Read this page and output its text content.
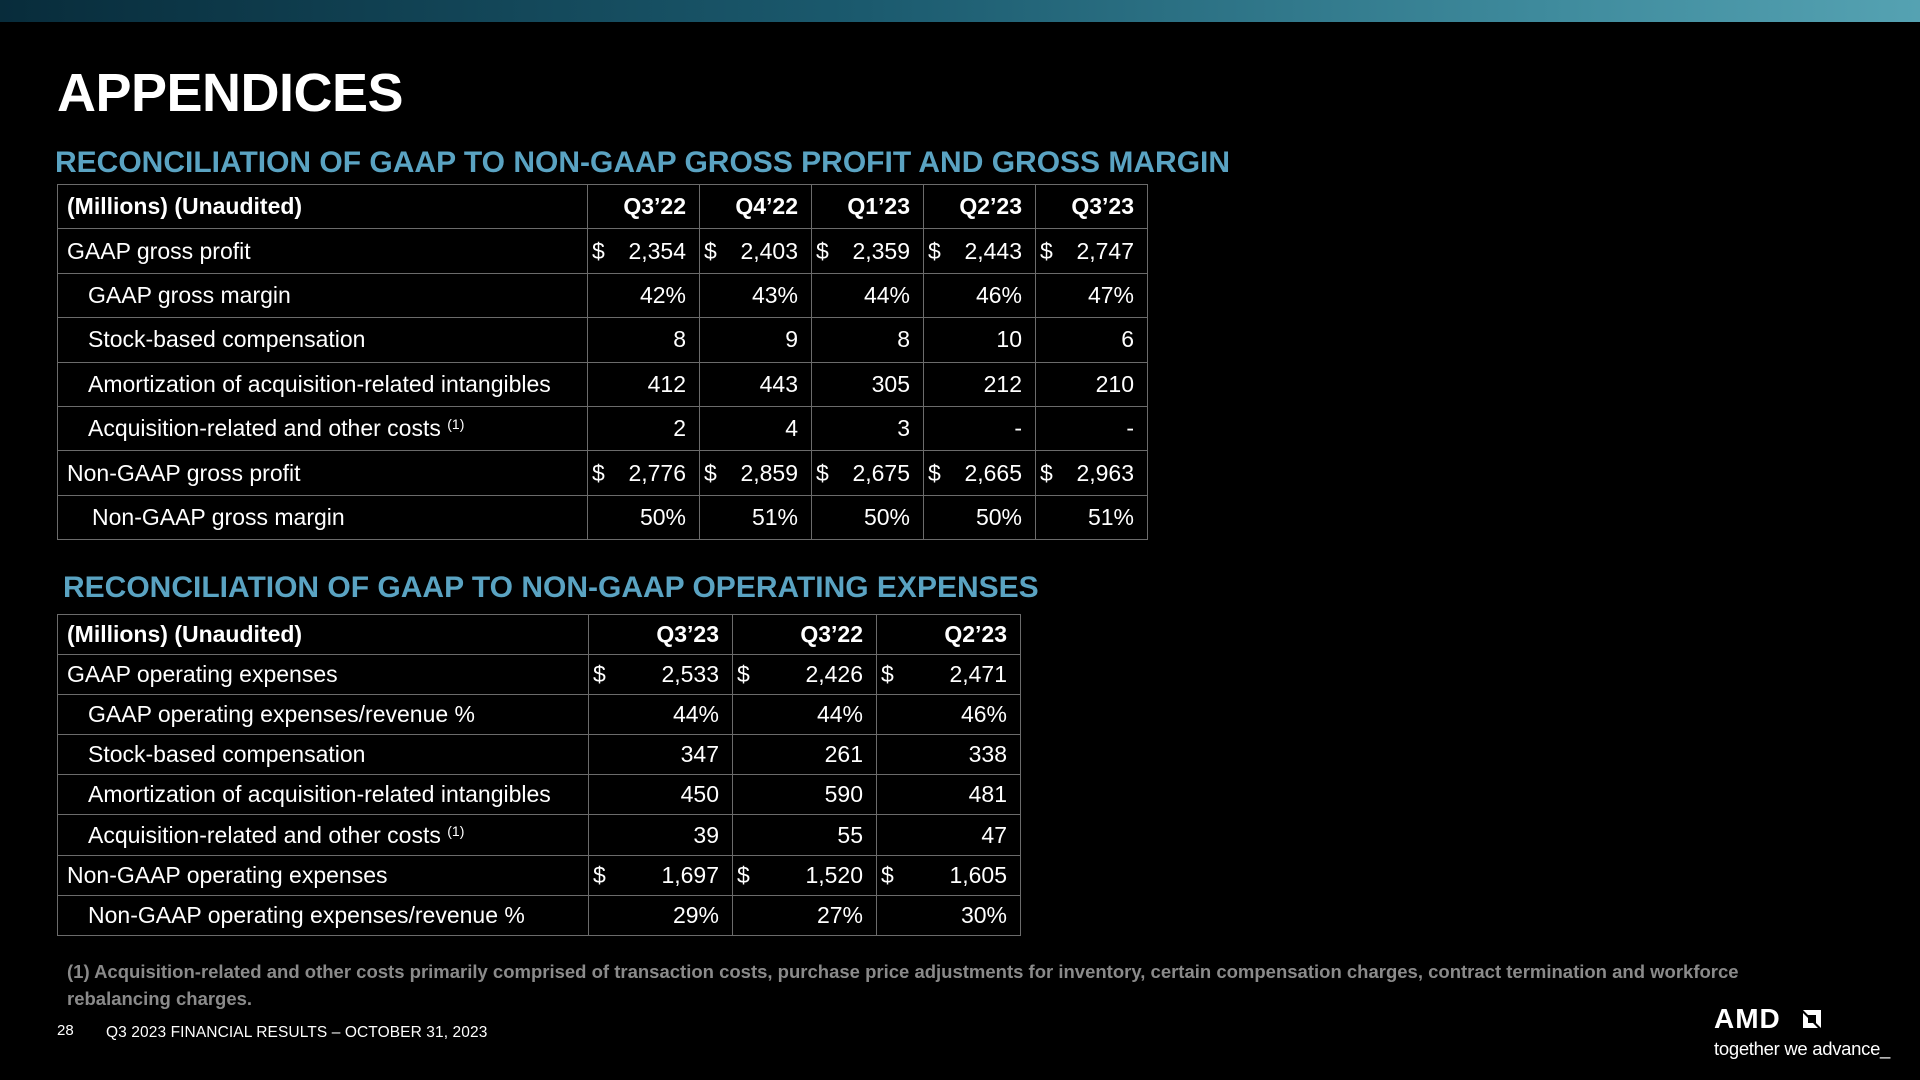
APPENDICES
RECONCILIATION OF GAAP TO NON-GAAP GROSS PROFIT AND GROSS MARGIN
(Millions) (Unaudited)	Q3’22	Q4’22	Q1’23	Q2’23	Q3’23
GAAP gross profit	$ 2,354	$ 2,403	$ 2,359	$ 2,443	$ 2,747
GAAP gross margin	42%	43%	44%	46%	47%
Stock-based compensation	8	9	8	10	6
Amortization of acquisition-related intangibles	412	443	305	212	210
Acquisition-related and other costs $^{(1)}$	2	4	3	-	-
Non-GAAP gross profit	$ 2,776	$ 2,859	$ 2,675	$ 2,665	$ 2,963
Non-GAAP gross margin	50%	51%	50%	50%	51%
RECONCILIATION OF GAAP TO NON-GAAP OPERATING EXPENSES
(Millions) (Unaudited)	Q3’23	Q3’22	Q2’23
GAAP operating expenses	$ 2,533	$ 2,426	$ 2,471
GAAP operating expenses/revenue %	44%	44%	46%
Stock-based compensation	347	261	338
Amortization of acquisition-related intangibles	450	590	481
Acquisition-related and other costs $^{(1)}$	39	55	47
Non-GAAP operating expenses	$ 1,697	$ 1,520	$ 1,605
Non-GAAP operating expenses/revenue %	29%	27%	30%

(1) Acquisition-related and other costs primarily comprised of transaction costs, purchase price adjustments for inventory, certain compensation charges, contract termination and workforce rebalancing charges.

28 Q3 2023 FINANCIAL RESULTS – OCTOBER 31, 2023	AMD
together we advance_
